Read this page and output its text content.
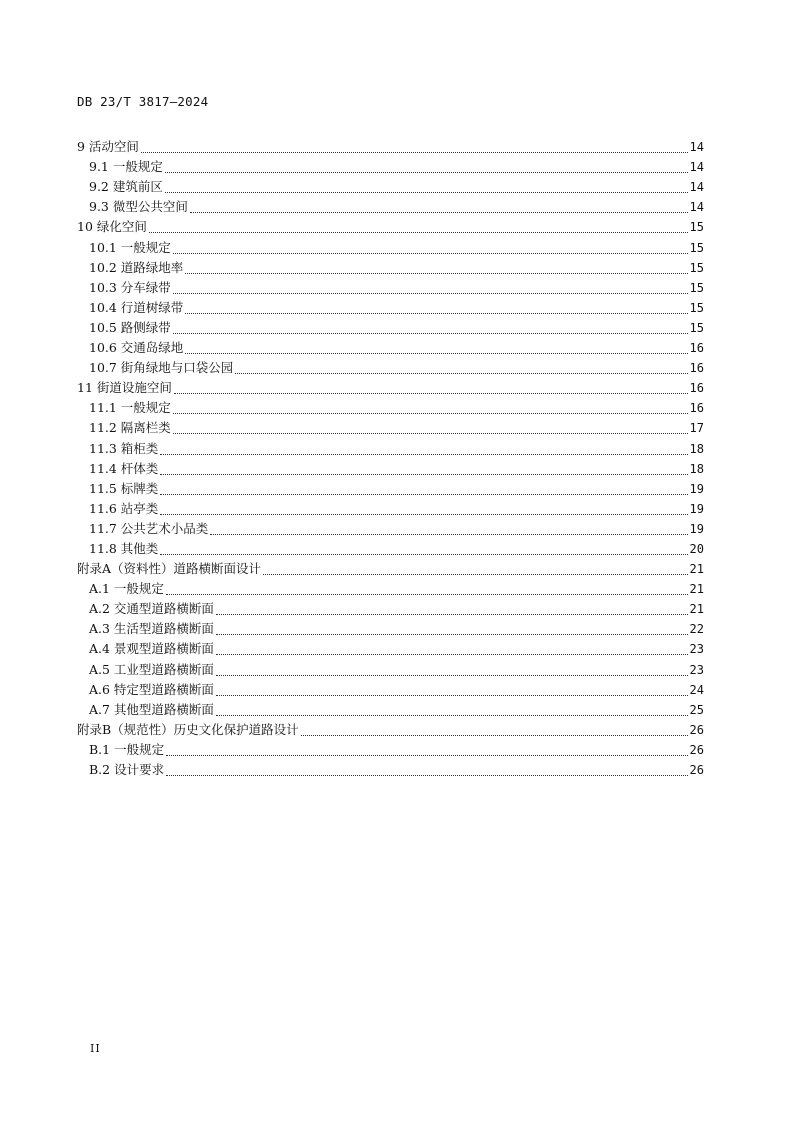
DB 23/T 3817—2024
9 活动空间	14
9.1 一般规定	14
9.2 建筑前区	14
9.3 微型公共空间	14
10 绿化空间	15
10.1 一般规定	15
10.2 道路绿地率	15
10.3 分车绿带	15
10.4 行道树绿带	15
10.5 路侧绿带	15
10.6 交通岛绿地	16
10.7 街角绿地与口袋公园	16
11 街道设施空间	16
11.1 一般规定	16
11.2 隔离栏类	17
11.3 箱柜类	18
11.4 杆体类	18
11.5 标牌类	19
11.6 站亭类	19
11.7 公共艺术小品类	19
11.8 其他类	20
附录A（资料性）道路横断面设计	21
A.1 一般规定	21
A.2 交通型道路横断面	21
A.3 生活型道路横断面	22
A.4 景观型道路横断面	23
A.5 工业型道路横断面	23
A.6 特定型道路横断面	24
A.7 其他型道路横断面	25
附录B（规范性）历史文化保护道路设计	26
B.1 一般规定	26
B.2 设计要求	26
II
